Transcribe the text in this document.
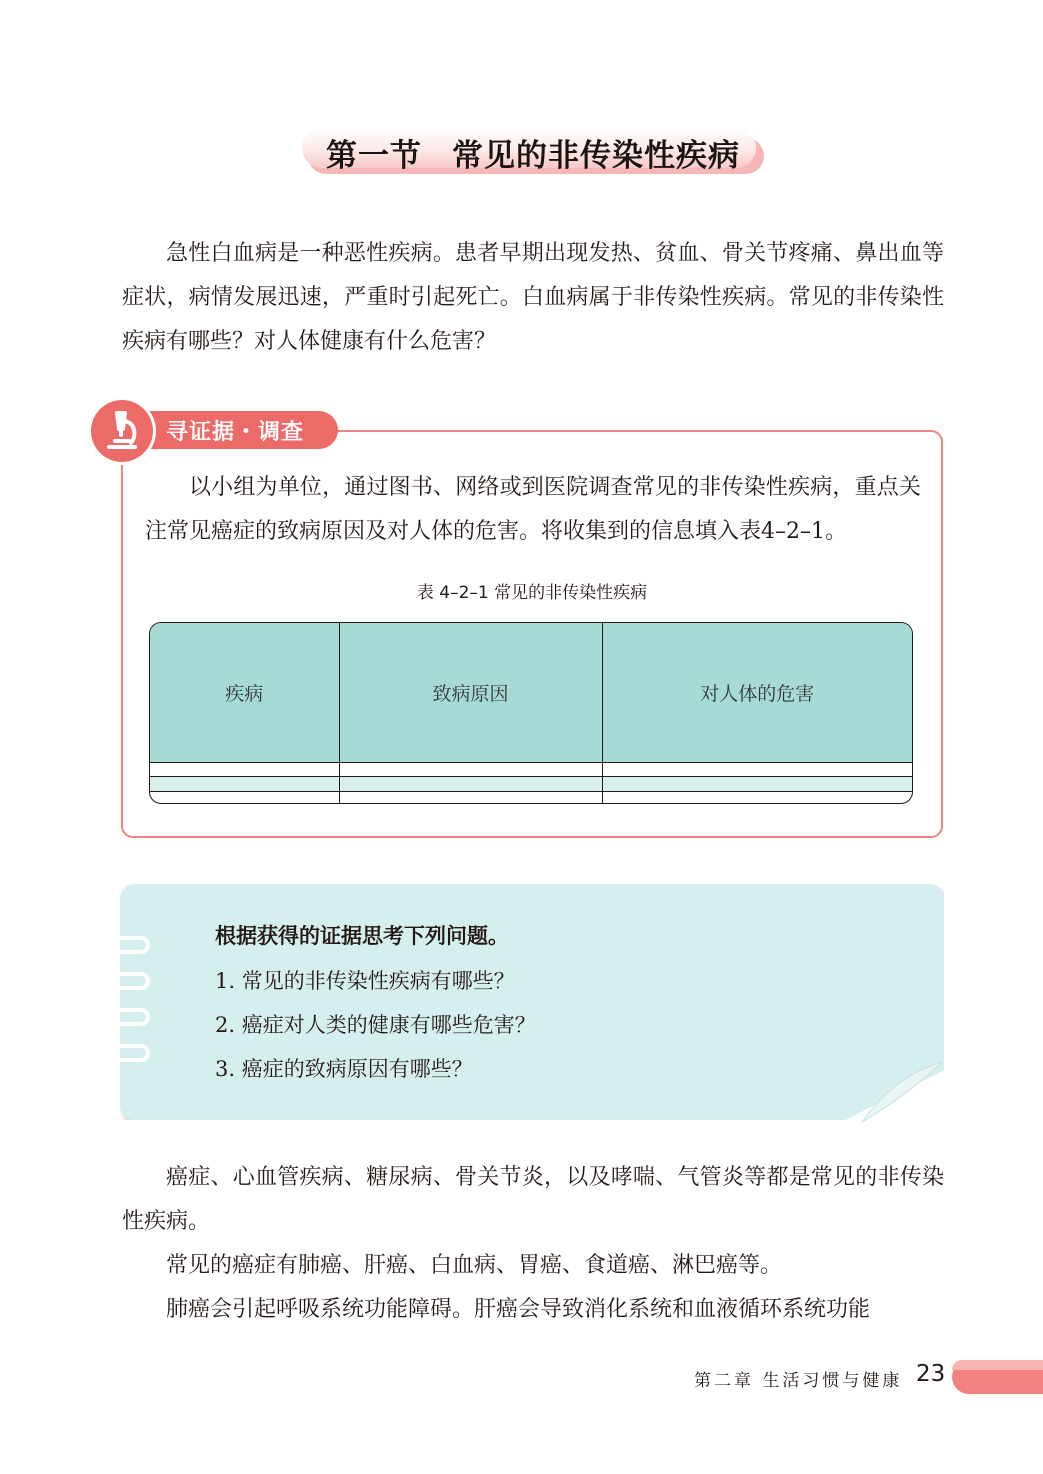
第一节 常见的非传染性疾病

急性白血病是一种恶性疾病。患者早期出现发热、贫血、骨关节疼痛、鼻出血等症状，病情发展迅速，严重时引起死亡。白血病属于非传染性疾病。常见的非传染性疾病有哪些？对人体健康有什么危害？

寻证据・调查

以小组为单位，通过图书、网络或到医院调查常见的非传染性疾病，重点关注常见癌症的致病原因及对人体的危害。将收集到的信息填入表4–2–1。

表 4–2–1 常见的非传染性疾病
疾病	致病原因	对人体的危害

根据获得的证据思考下列问题。
1. 常见的非传染性疾病有哪些？
2. 癌症对人类的健康有哪些危害？
3. 癌症的致病原因有哪些？

癌症、心血管疾病、糖尿病、骨关节炎，以及哮喘、气管炎等都是常见的非传染性疾病。

常见的癌症有肺癌、肝癌、白血病、胃癌、食道癌、淋巴癌等。

肺癌会引起呼吸系统功能障碍。肝癌会导致消化系统和血液循环系统功能

第二章 生活习惯与健康 23
